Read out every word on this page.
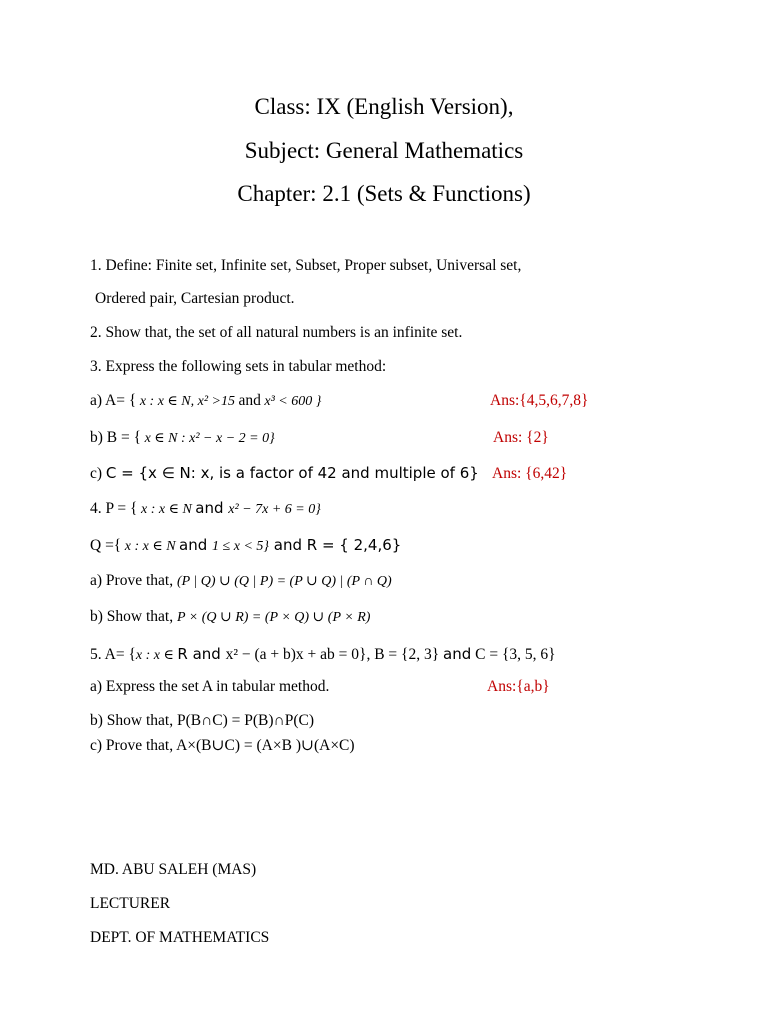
Class: IX (English Version),
Subject: General Mathematics
Chapter: 2.1 (Sets & Functions)
1. Define: Finite set, Infinite set, Subset, Proper subset, Universal set,
Ordered pair, Cartesian product.
2. Show that, the set of all natural numbers is an infinite set.
3. Express the following sets in tabular method:
a) A= { x : x ∈ N, x² >15 and x³ < 600 }	Ans:{4,5,6,7,8}
b) B = { x ∈ N : x² − x − 2 = 0}	Ans: {2}
c) C = {x ∈ N: x, is a factor of 42 and multiple of 6} Ans: {6,42}
4. P = { x : x ∈ N and x² − 7x + 6 = 0}
Q ={ x : x ∈ N and 1 ≤ x < 5} and R = { 2,4,6}
a) Prove that, (P | Q) ∪ (Q | P) = (P ∪ Q) | (P ∩ Q)
b) Show that, P × (Q ∪ R) = (P × Q) ∪ (P × R)
5. A= {x : x ∈ R and x² − (a + b)x + ab = 0}, B = {2, 3} and C = {3, 5, 6}
a) Express the set A in tabular method.	Ans:{a,b}
b) Show that, P(B∩C) = P(B)∩P(C)
c) Prove that, A×(B∪C) = (A×B )∪(A×C)
MD. ABU SALEH (MAS)
LECTURER
DEPT. OF MATHEMATICS
